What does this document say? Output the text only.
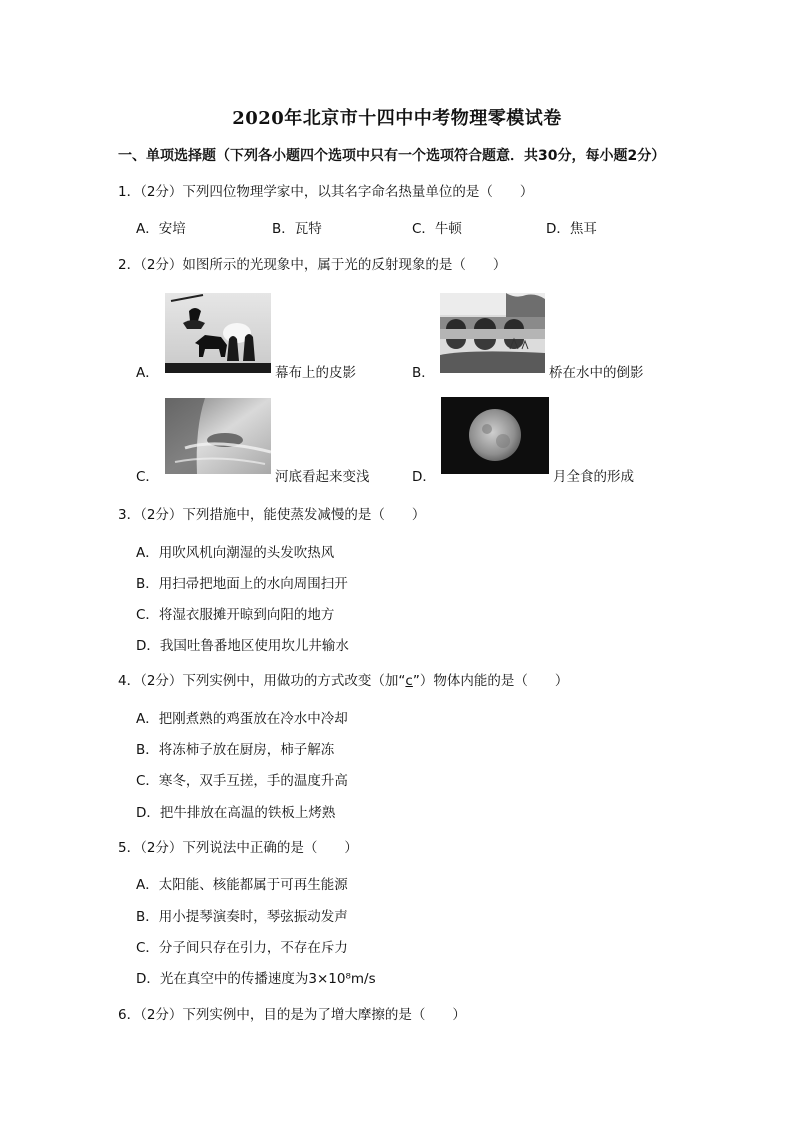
2020年北京市十四中中考物理零模试卷
一、单项选择题（下列各小题四个选项中只有一个选项符合题意．共30分，每小题2分）
1．（2分）下列四位物理学家中，以其名字命名热量单位的是（　　）
A．安培	B．瓦特	C．牛顿	D．焦耳
2．（2分）如图所示的光现象中，属于光的反射现象的是（　　）
A．	幕布上的皮影	B．	桥在水中的倒影
C．	河底看起来变浅	D．	月全食的形成
3．（2分）下列措施中，能使蒸发减慢的是（　　）
A．用吹风机向潮湿的头发吹热风
B．用扫帚把地面上的水向周围扫开
C．将湿衣服摊开晾到向阳的地方
D．我国吐鲁番地区使用坎儿井输水
4．（2分）下列实例中，用做功的方式改变（加“c”）物体内能的是（　　）
A．把刚煮熟的鸡蛋放在冷水中冷却
B．将冻柿子放在厨房，柿子解冻
C．寒冬，双手互搓，手的温度升高
D．把牛排放在高温的铁板上烤熟
5．（2分）下列说法中正确的是（　　）
A．太阳能、核能都属于可再生能源
B．用小提琴演奏时，琴弦振动发声
C．分子间只存在引力，不存在斥力
D．光在真空中的传播速度为3×10⁸m/s
6．（2分）下列实例中，目的是为了增大摩擦的是（　　）
